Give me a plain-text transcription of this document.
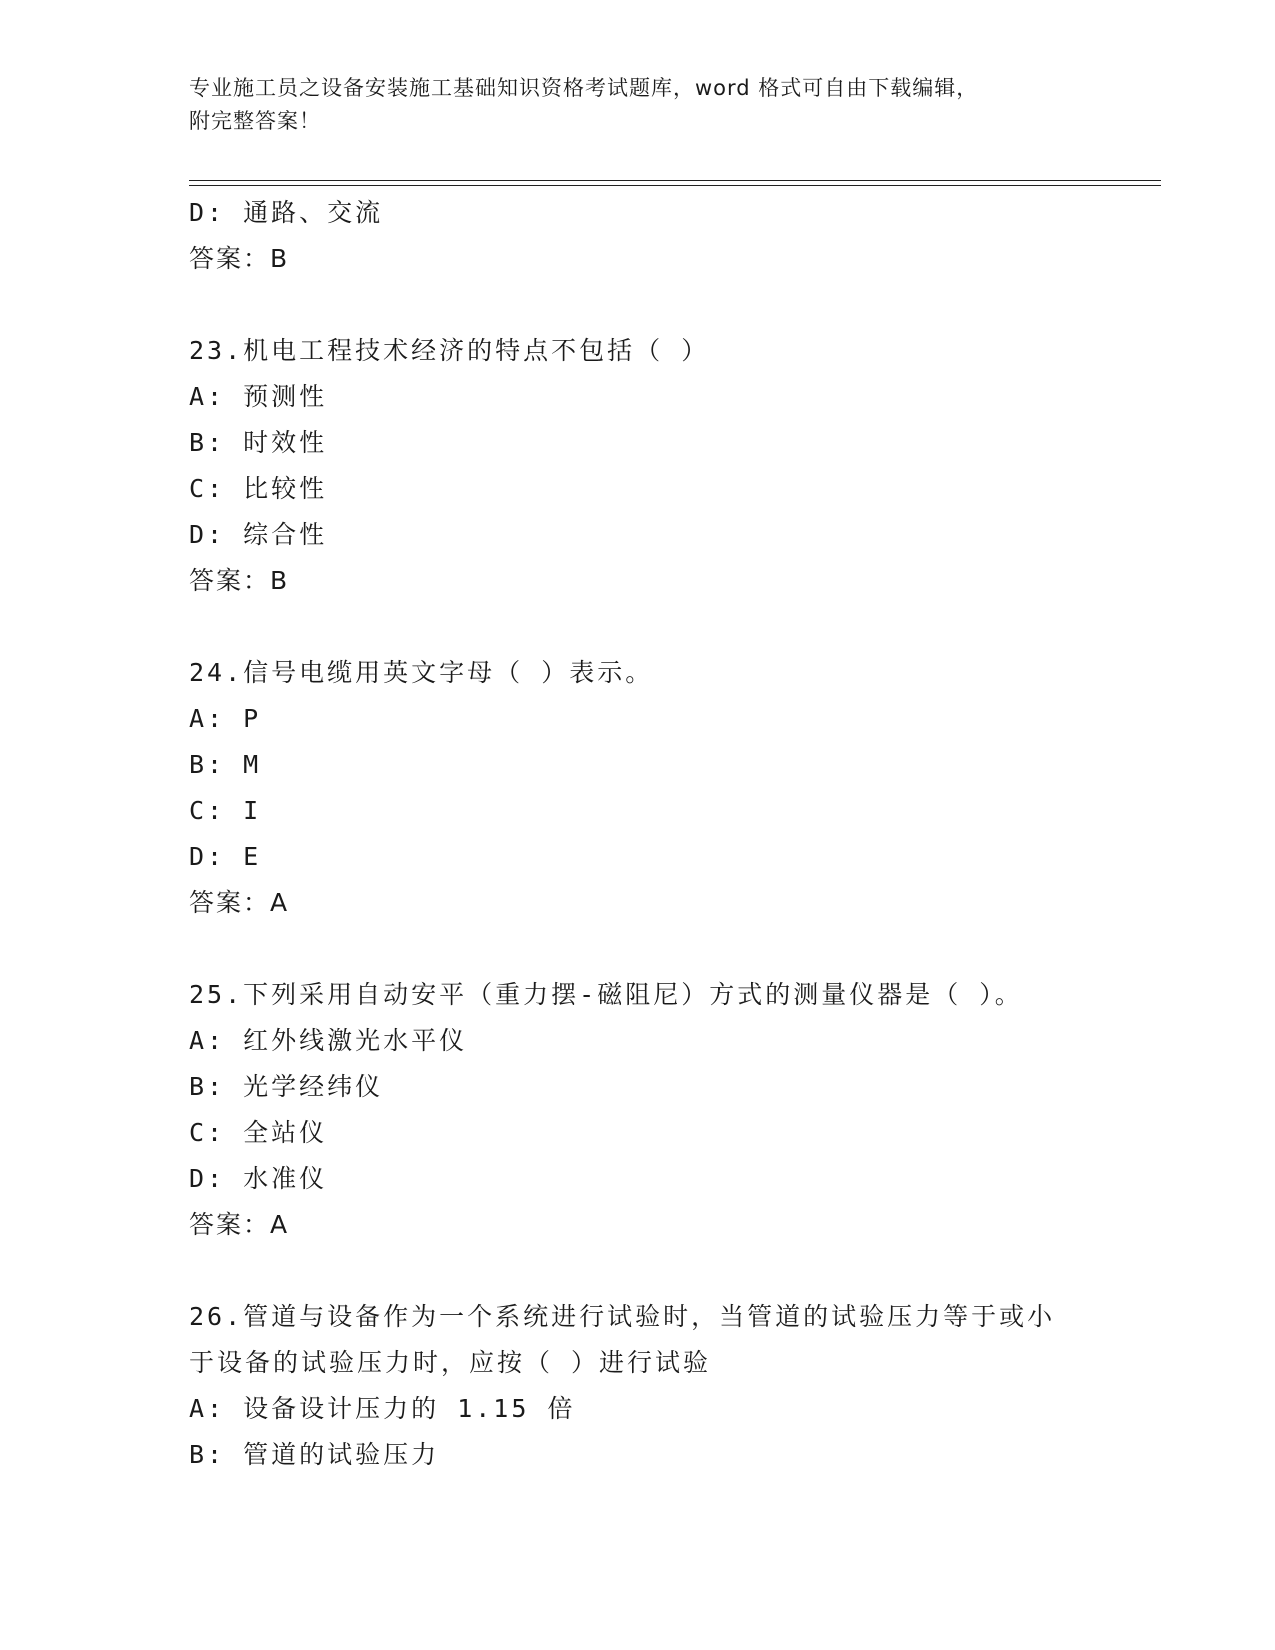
专业施工员之设备安装施工基础知识资格考试题库，word 格式可自由下载编辑，
附完整答案！
D: 通路、交流
答案：B
23.机电工程技术经济的特点不包括（ ）
A: 预测性
B: 时效性
C: 比较性
D: 综合性
答案：B
24.信号电缆用英文字母（ ）表示。
A: P
B: M
C: I
D: E
答案：A
25.下列采用自动安平（重力摆-磁阻尼）方式的测量仪器是（ ）。
A: 红外线激光水平仪
B: 光学经纬仪
C: 全站仪
D: 水准仪
答案：A
26.管道与设备作为一个系统进行试验时，当管道的试验压力等于或小
于设备的试验压力时，应按（ ）进行试验
A: 设备设计压力的 1.15 倍
B: 管道的试验压力
